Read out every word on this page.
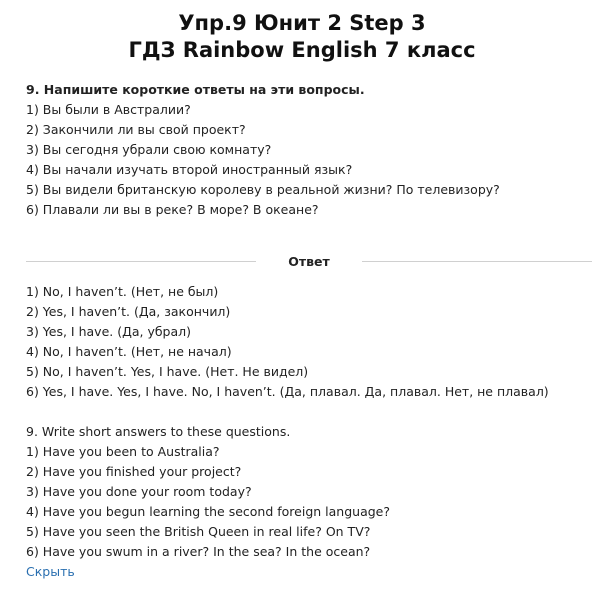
Упр.9 Юнит 2 Step 3
ГДЗ Rainbow English 7 класс
9. Напишите короткие ответы на эти вопросы.
1) Вы были в Австралии?
2) Закончили ли вы свой проект?
3) Вы сегодня убрали свою комнату?
4) Вы начали изучать второй иностранный язык?
5) Вы видели британскую королеву в реальной жизни? По телевизору?
6) Плавали ли вы в реке? В море? В океане?
Ответ
1) No, I haven’t. (Нет, не был)
2) Yes, I haven’t. (Да, закончил)
3) Yes, I have. (Да, убрал)
4) No, I haven’t. (Нет, не начал)
5) No, I haven’t. Yes, I have. (Нет. Не видел)
6) Yes, I have. Yes, I have. No, I haven’t. (Да, плавал. Да, плавал. Нет, не плавал)
9. Write short answers to these questions.
1) Have you been to Australia?
2) Have you finished your project?
3) Have you done your room today?
4) Have you begun learning the second foreign language?
5) Have you seen the British Queen in real life? On TV?
6) Have you swum in a river? In the sea? In the ocean?
Скрыть
